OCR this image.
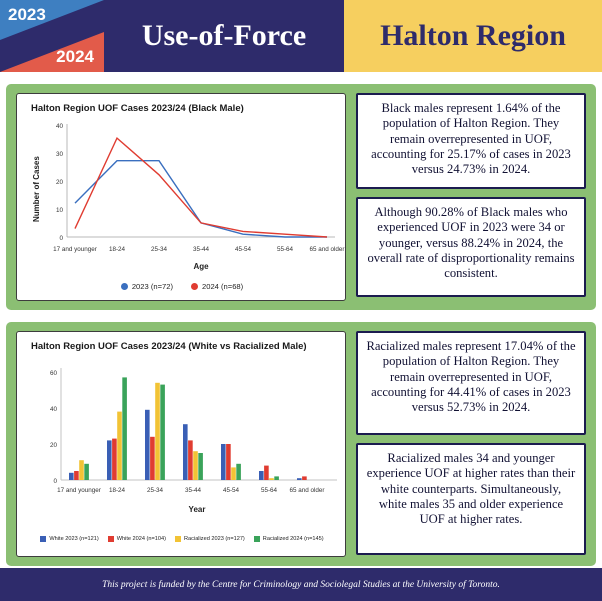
2023
2024
Use-of-Force	Halton Region
Halton Region UOF Cases 2023/24 (Black Male)
Number of Cases
40
30
20
10
0
17 and younger 18-24	25-34	35-44	45-54	55-64	65 and older
Age
2023 (n=72)	2024 (n=68)
Black males represent 1.64% of the population of Halton Region. They remain overrepresented in UOF, accounting for 25.17% of cases in 2023 versus 24.73% in 2024.
Although 90.28% of Black males who experienced UOF in 2023 were 34 or younger, versus 88.24% in 2024, the overall rate of disproportionality remains consistent.
Halton Region UOF Cases 2023/24 (White vs Racialized Male)
60
40
20
0
17 and younger 18-24	25-34	35-44	45-54	55-64 65 and older
Year
White 2023 (n=121)	White 2024 (n=104)	Racialized 2023 (n=127)	Racialized 2024 (n=145)
Racialized males represent 17.04% of the population of Halton Region. They remain overrepresented in UOF, accounting for 44.41% of cases in 2023 versus 52.73% in 2024.
Racialized males 34 and younger experience UOF at higher rates than their white counterparts. Simultaneously, white males 35 and older experience UOF at higher rates.
This project is funded by the Centre for Criminology and Sociolegal Studies at the University of Toronto.
